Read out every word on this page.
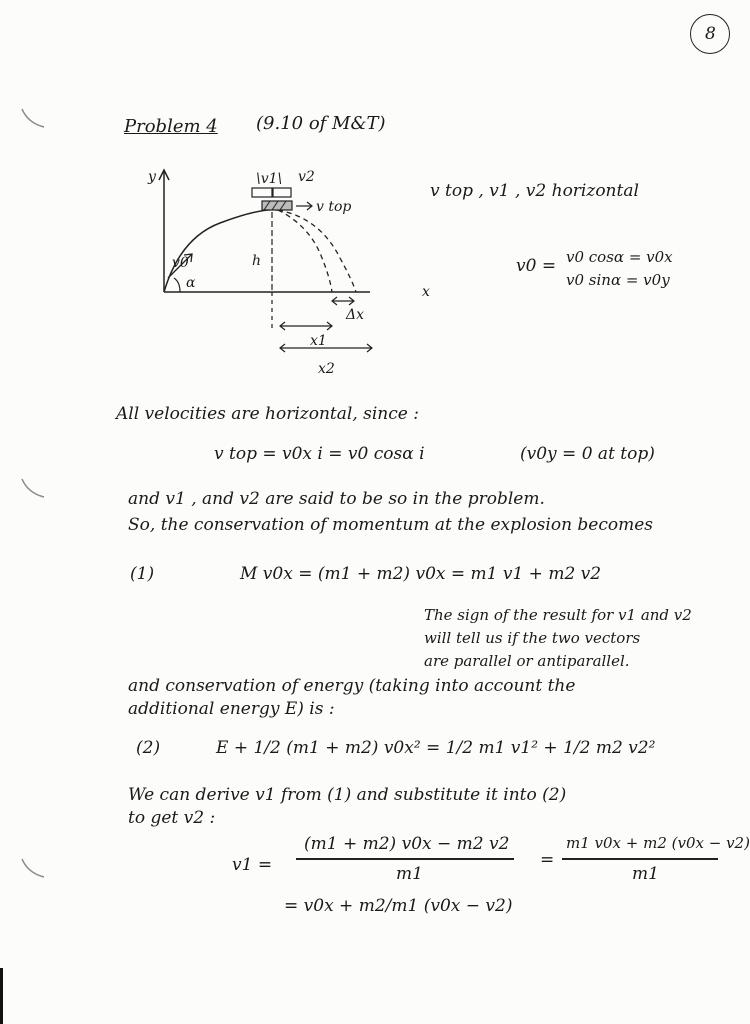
8
Problem 4 (9.10 of M&T)
y
x
\v1\ v2
v top
v0
α
h
Δx
x1
x2
v top , v1 , v2 horizontal
v0 = v0 cosα = v0x
v0 sinα = v0y
All velocities are horizontal, since :
v top = v0x i = v0 cosα i	(v0y = 0 at top)
and v1 , and v2 are said to be so in the problem.
So, the conservation of momentum at the explosion becomes
(1)	M v0x = (m1 + m2) v0x = m1 v1 + m2 v2
The sign of the result for v1 and v2
will tell us if the two vectors
are parallel or antiparallel.
and conservation of energy (taking into account the
additional energy E) is :
(2)	E + 1/2 (m1 + m2) v0x² = 1/2 m1 v1² + 1/2 m2 v2²
We can derive v1 from (1) and substitute it into (2)
to get v2 :
v1 =
(m1 + m2) v0x − m2 v2
m1
=
m1 v0x + m2 (v0x − v2)
m1
= v0x + m2/m1 (v0x − v2)
